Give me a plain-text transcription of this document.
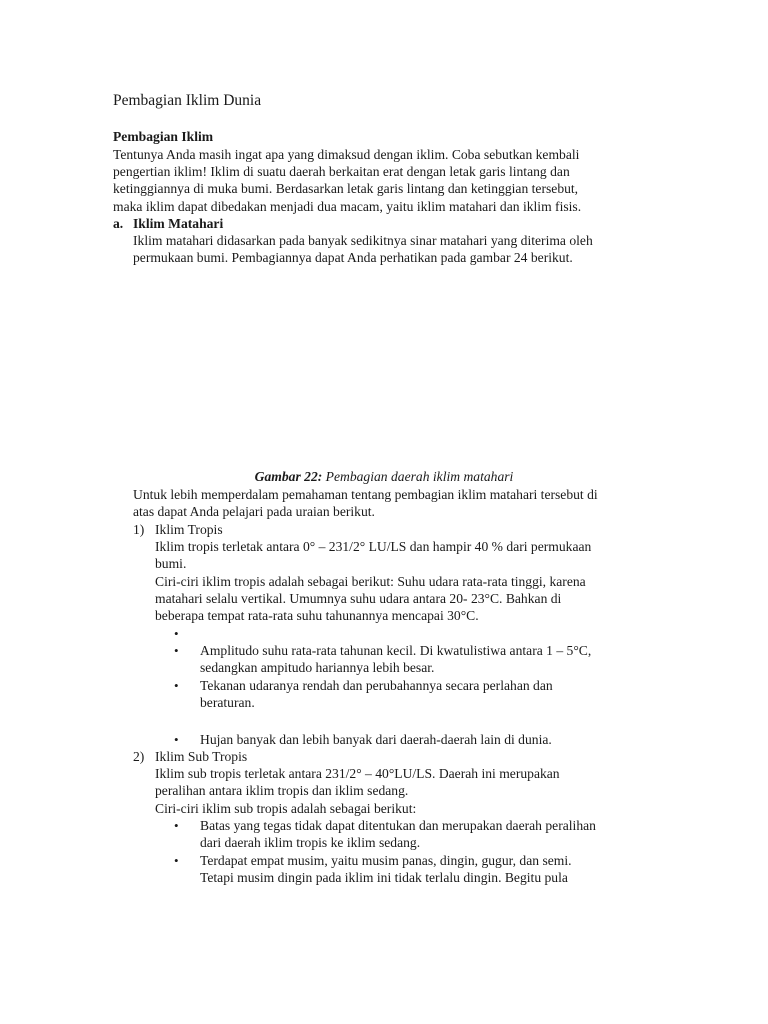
Pembagian Iklim Dunia
Pembagian Iklim
Tentunya Anda masih ingat apa yang dimaksud dengan iklim. Coba sebutkan kembali
pengertian iklim! Iklim di suatu daerah berkaitan erat dengan letak garis lintang dan
ketinggiannya di muka bumi. Berdasarkan letak garis lintang dan ketinggian tersebut,
maka iklim dapat dibedakan menjadi dua macam, yaitu iklim matahari dan iklim fisis.
a. Iklim Matahari
Iklim matahari didasarkan pada banyak sedikitnya sinar matahari yang diterima oleh
permukaan bumi. Pembagiannya dapat Anda perhatikan pada gambar 24 berikut.
Gambar 22: Pembagian daerah iklim matahari
Untuk lebih memperdalam pemahaman tentang pembagian iklim matahari tersebut di
atas dapat Anda pelajari pada uraian berikut.
1) Iklim Tropis
Iklim tropis terletak antara 0° – 231/2° LU/LS dan hampir 40 % dari permukaan
bumi.
Ciri-ciri iklim tropis adalah sebagai berikut: Suhu udara rata-rata tinggi, karena
matahari selalu vertikal. Umumnya suhu udara antara 20- 23°C. Bahkan di
beberapa tempat rata-rata suhu tahunannya mencapai 30°C.
•
• Amplitudo suhu rata-rata tahunan kecil. Di kwatulistiwa antara 1 – 5°C,
sedangkan ampitudo hariannya lebih besar.
• Tekanan udaranya rendah dan perubahannya secara perlahan dan
beraturan.
• Hujan banyak dan lebih banyak dari daerah-daerah lain di dunia.
2) Iklim Sub Tropis
Iklim sub tropis terletak antara 231/2° – 40°LU/LS. Daerah ini merupakan
peralihan antara iklim tropis dan iklim sedang.
Ciri-ciri iklim sub tropis adalah sebagai berikut:
• Batas yang tegas tidak dapat ditentukan dan merupakan daerah peralihan
dari daerah iklim tropis ke iklim sedang.
• Terdapat empat musim, yaitu musim panas, dingin, gugur, dan semi.
Tetapi musim dingin pada iklim ini tidak terlalu dingin. Begitu pula
